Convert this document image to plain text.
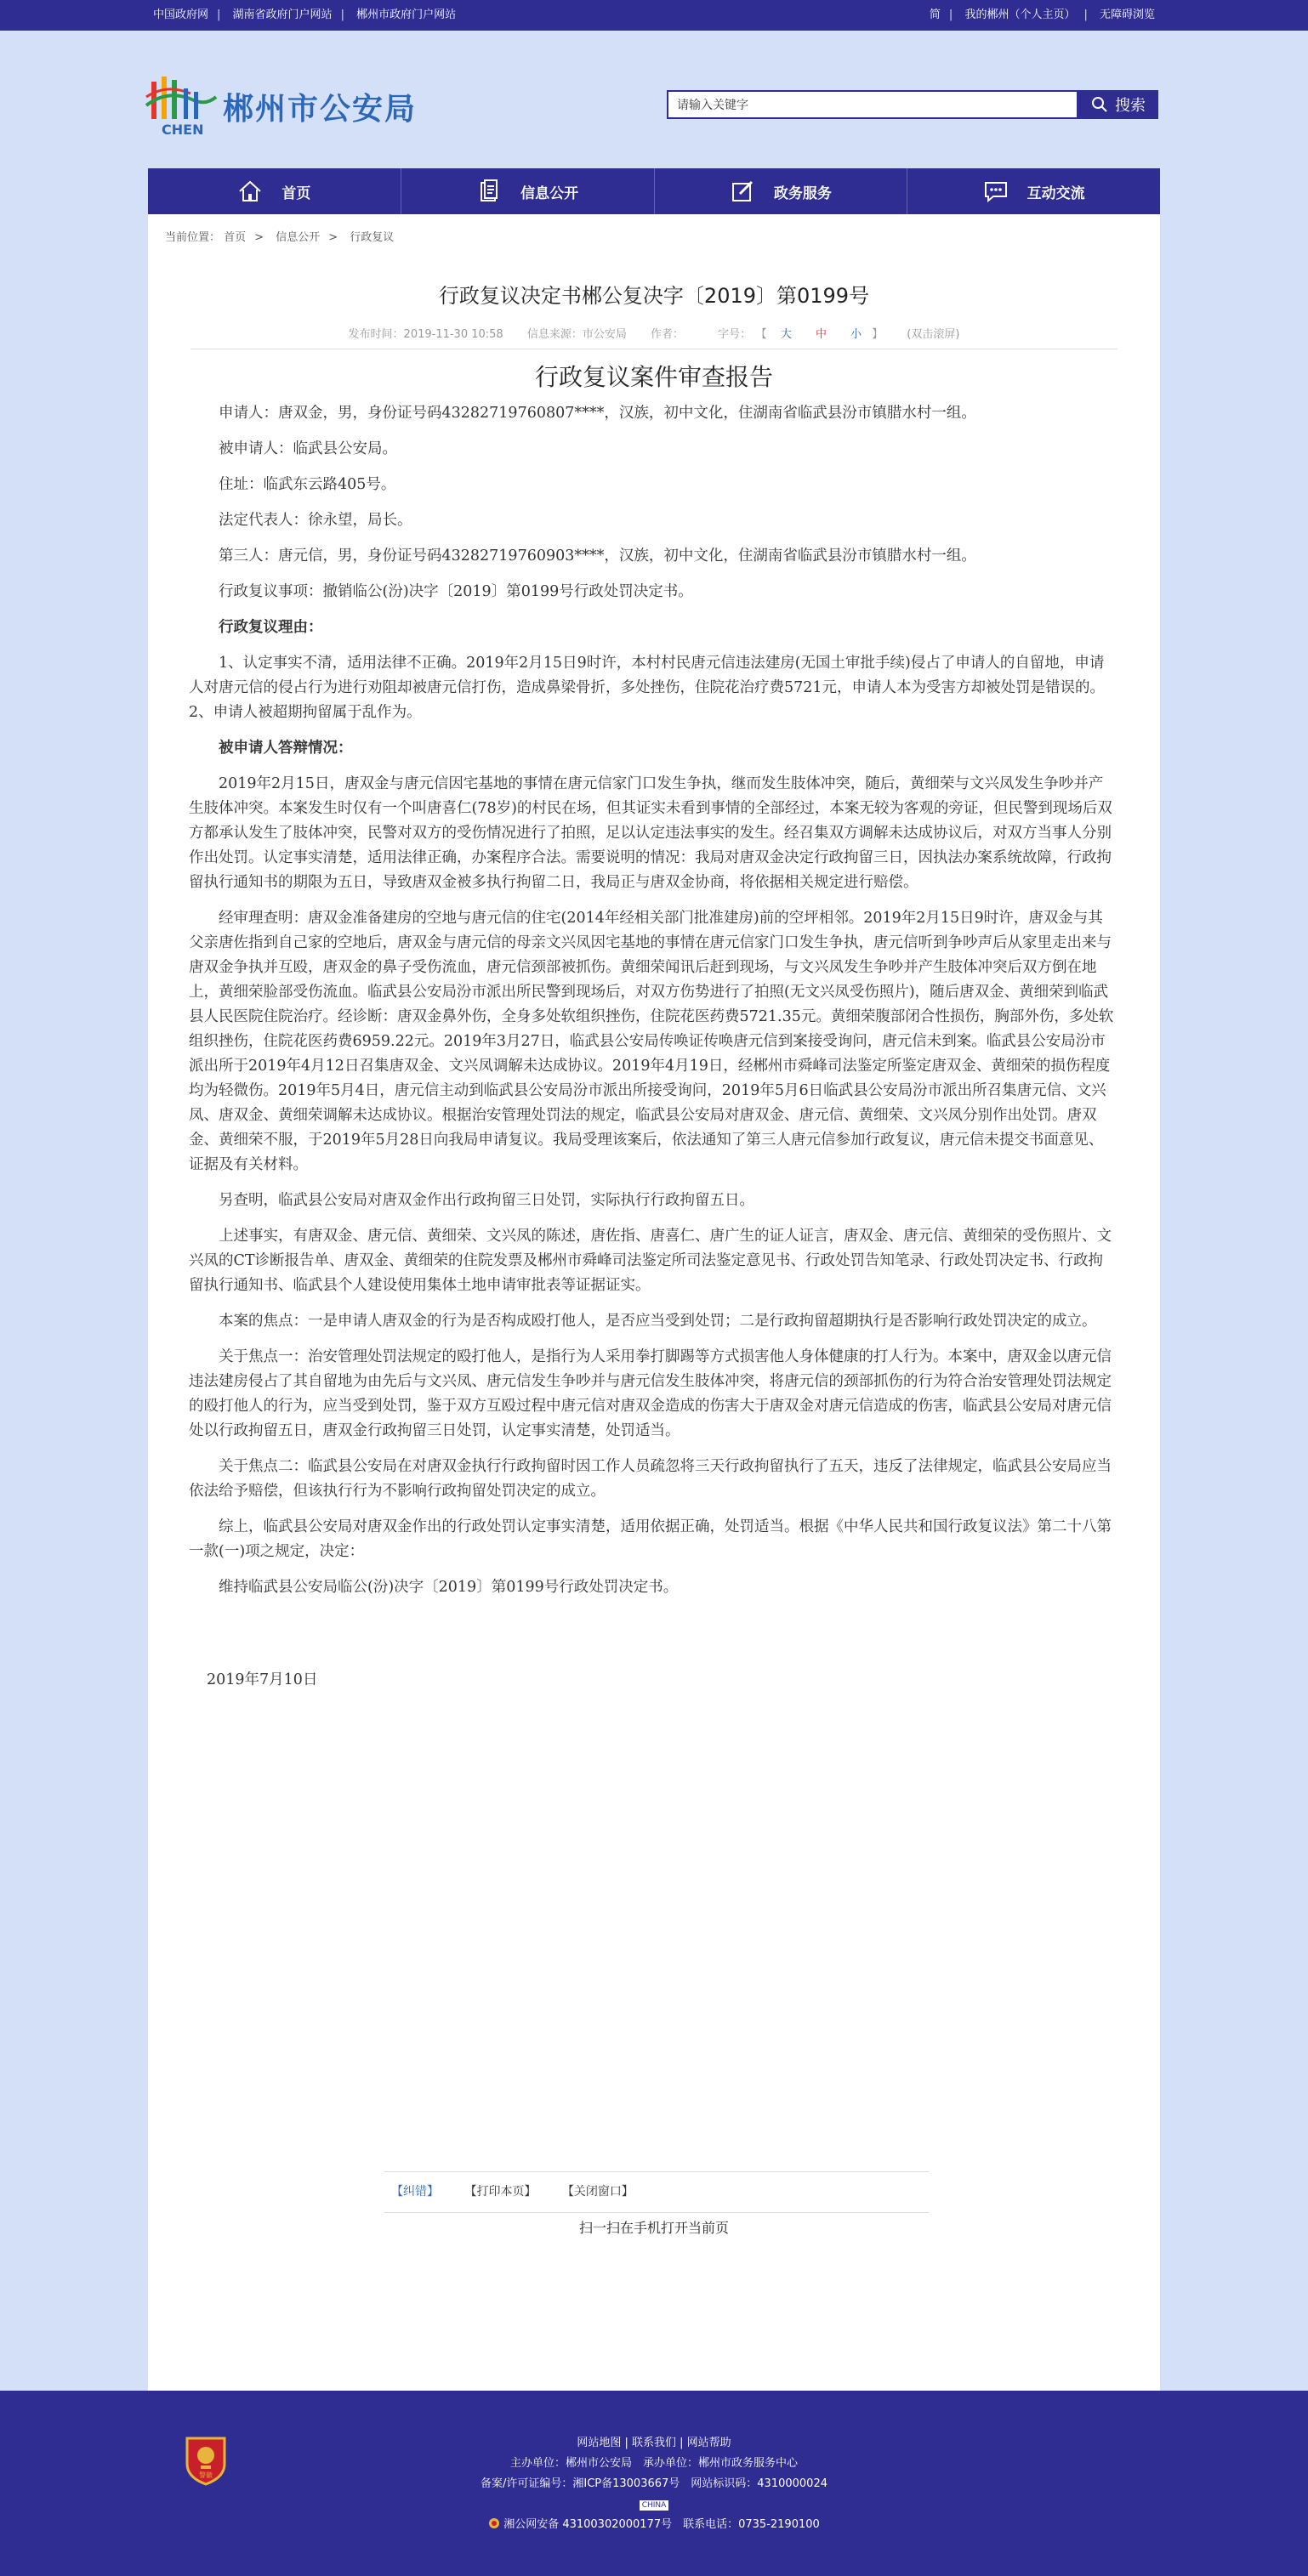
中国政府网 | 湖南省政府门户网站 | 郴州市政府门户网站	简 | 我的郴州（个人主页） | 无障碍浏览
CHEN
郴州市公安局	请输入关键字	搜索
首页	信息公开	政务服务	互动交流
当前位置： 首页 > 信息公开 > 行政复议
行政复议决定书郴公复决字〔2019〕第0199号
发布时间：2019-11-30 10:58 信息来源：市公安局 作者：	字号： 【 大 中 小 】 (双击滚屏)
行政复议案件审查报告

申请人：唐双金，男，身份证号码43282719760807****，汉族，初中文化，住湖南省临武县汾市镇腊水村一组。

被申请人：临武县公安局。

住址：临武东云路405号。

法定代表人：徐永望，局长。

第三人：唐元信，男，身份证号码43282719760903****，汉族，初中文化，住湖南省临武县汾市镇腊水村一组。

行政复议事项：撤销临公(汾)决字〔2019〕第0199号行政处罚决定书。

行政复议理由：

1、认定事实不清，适用法律不正确。2019年2月15日9时许，本村村民唐元信违法建房(无国土审批手续)侵占了申请人的自留地，申请人对唐元信的侵占行为进行劝阻却被唐元信打伤，造成鼻梁骨折，多处挫伤，住院花治疗费5721元，申请人本为受害方却被处罚是错误的。2、申请人被超期拘留属于乱作为。

被申请人答辩情况：

2019年2月15日，唐双金与唐元信因宅基地的事情在唐元信家门口发生争执，继而发生肢体冲突，随后，黄细荣与文兴凤发生争吵并产生肢体冲突。本案发生时仅有一个叫唐喜仁(78岁)的村民在场，但其证实未看到事情的全部经过，本案无较为客观的旁证，但民警到现场后双方都承认发生了肢体冲突，民警对双方的受伤情况进行了拍照，足以认定违法事实的发生。经召集双方调解未达成协议后，对双方当事人分别作出处罚。认定事实清楚，适用法律正确，办案程序合法。需要说明的情况：我局对唐双金决定行政拘留三日，因执法办案系统故障，行政拘留执行通知书的期限为五日，导致唐双金被多执行拘留二日，我局正与唐双金协商，将依据相关规定进行赔偿。

经审理查明：唐双金准备建房的空地与唐元信的住宅(2014年经相关部门批准建房)前的空坪相邻。2019年2月15日9时许，唐双金与其父亲唐佐指到自己家的空地后，唐双金与唐元信的母亲文兴凤因宅基地的事情在唐元信家门口发生争执，唐元信听到争吵声后从家里走出来与唐双金争执并互殴，唐双金的鼻子受伤流血，唐元信颈部被抓伤。黄细荣闻讯后赶到现场，与文兴凤发生争吵并产生肢体冲突后双方倒在地上，黄细荣脸部受伤流血。临武县公安局汾市派出所民警到现场后，对双方伤势进行了拍照(无文兴凤受伤照片)，随后唐双金、黄细荣到临武县人民医院住院治疗。经诊断：唐双金鼻外伤，全身多处软组织挫伤，住院花医药费5721.35元。黄细荣腹部闭合性损伤，胸部外伤，多处软组织挫伤，住院花医药费6959.22元。2019年3月27日，临武县公安局传唤证传唤唐元信到案接受询问，唐元信未到案。临武县公安局汾市派出所于2019年4月12日召集唐双金、文兴凤调解未达成协议。2019年4月19日，经郴州市舜峰司法鉴定所鉴定唐双金、黄细荣的损伤程度均为轻微伤。2019年5月4日，唐元信主动到临武县公安局汾市派出所接受询问，2019年5月6日临武县公安局汾市派出所召集唐元信、文兴凤、唐双金、黄细荣调解未达成协议。根据治安管理处罚法的规定，临武县公安局对唐双金、唐元信、黄细荣、文兴凤分别作出处罚。唐双金、黄细荣不服，于2019年5月28日向我局申请复议。我局受理该案后，依法通知了第三人唐元信参加行政复议，唐元信未提交书面意见、证据及有关材料。

另查明，临武县公安局对唐双金作出行政拘留三日处罚，实际执行行政拘留五日。

上述事实，有唐双金、唐元信、黄细荣、文兴凤的陈述，唐佐指、唐喜仁、唐广生的证人证言，唐双金、唐元信、黄细荣的受伤照片、文兴凤的CT诊断报告单、唐双金、黄细荣的住院发票及郴州市舜峰司法鉴定所司法鉴定意见书、行政处罚告知笔录、行政处罚决定书、行政拘留执行通知书、临武县个人建设使用集体土地申请审批表等证据证实。

本案的焦点：一是申请人唐双金的行为是否构成殴打他人，是否应当受到处罚；二是行政拘留超期执行是否影响行政处罚决定的成立。

关于焦点一：治安管理处罚法规定的殴打他人，是指行为人采用拳打脚踢等方式损害他人身体健康的打人行为。本案中，唐双金以唐元信违法建房侵占了其自留地为由先后与文兴凤、唐元信发生争吵并与唐元信发生肢体冲突，将唐元信的颈部抓伤的行为符合治安管理处罚法规定的殴打他人的行为，应当受到处罚，鉴于双方互殴过程中唐元信对唐双金造成的伤害大于唐双金对唐元信造成的伤害，临武县公安局对唐元信处以行政拘留五日，唐双金行政拘留三日处罚，认定事实清楚，处罚适当。

关于焦点二：临武县公安局在对唐双金执行行政拘留时因工作人员疏忽将三天行政拘留执行了五天，违反了法律规定，临武县公安局应当依法给予赔偿，但该执行行为不影响行政拘留处罚决定的成立。

综上，临武县公安局对唐双金作出的行政处罚认定事实清楚，适用依据正确，处罚适当。根据《中华人民共和国行政复议法》第二十八第一款(一)项之规定，决定：

维持临武县公安局临公(汾)决字〔2019〕第0199号行政处罚决定书。

2019年7月10日

【纠错】 【打印本页】 【关闭窗口】
扫一扫在手机打开当前页
警徽
网站地图 | 联系我们 | 网站帮助
主办单位：郴州市公安局　承办单位：郴州市政务服务中心
备案/许可证编号：湘ICP备13003667号　网站标识码：4310000024
CHINA
湘公网安备 43100302000177号　联系电话：0735-2190100
